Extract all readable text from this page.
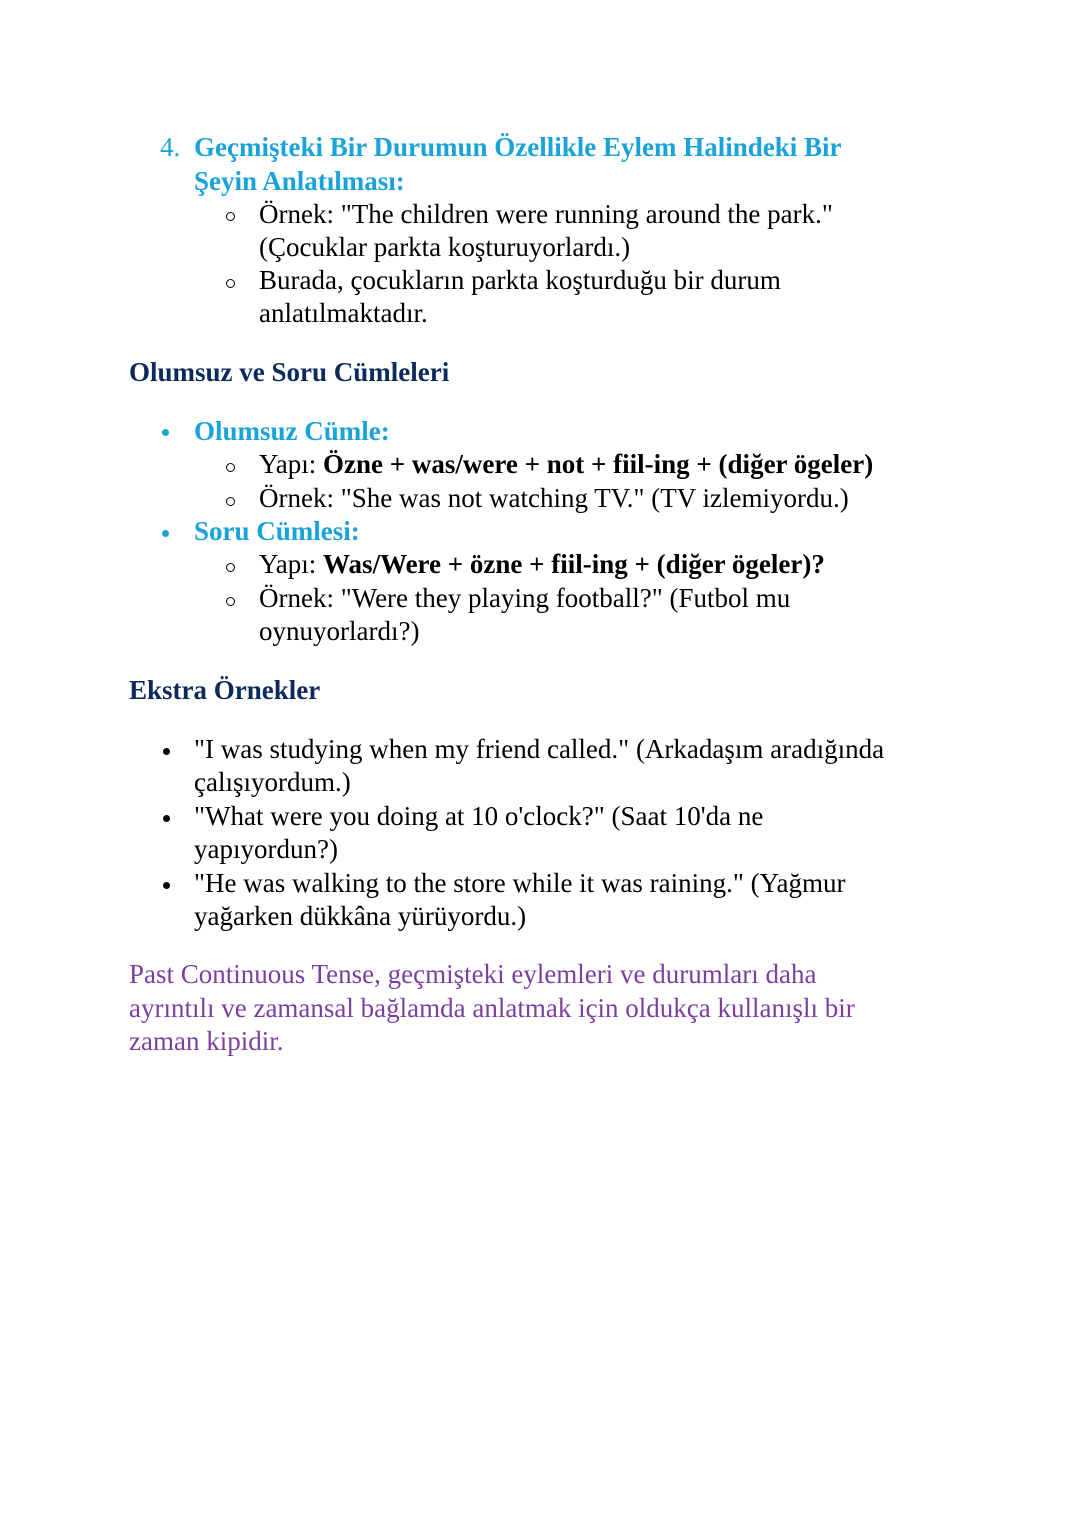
4. Geçmişteki Bir Durumun Özellikle Eylem Halindeki Bir
Şeyin Anlatılması:
Örnek: "The children were running around the park."
(Çocuklar parkta koşturuyorlardı.)
Burada, çocukların parkta koşturduğu bir durum
anlatılmaktadır.
Olumsuz ve Soru Cümleleri
Olumsuz Cümle:
Yapı: Özne + was/were + not + fiil-ing + (diğer ögeler)
Örnek: "She was not watching TV." (TV izlemiyordu.)
Soru Cümlesi:
Yapı: Was/Were + özne + fiil-ing + (diğer ögeler)?
Örnek: "Were they playing football?" (Futbol mu
oynuyorlardı?)
Ekstra Örnekler
"I was studying when my friend called." (Arkadaşım aradığında
çalışıyordum.)
"What were you doing at 10 o'clock?" (Saat 10'da ne
yapıyordun?)
"He was walking to the store while it was raining." (Yağmur
yağarken dükkâna yürüyordu.)
Past Continuous Tense, geçmişteki eylemleri ve durumları daha
ayrıntılı ve zamansal bağlamda anlatmak için oldukça kullanışlı bir
zaman kipidir.
